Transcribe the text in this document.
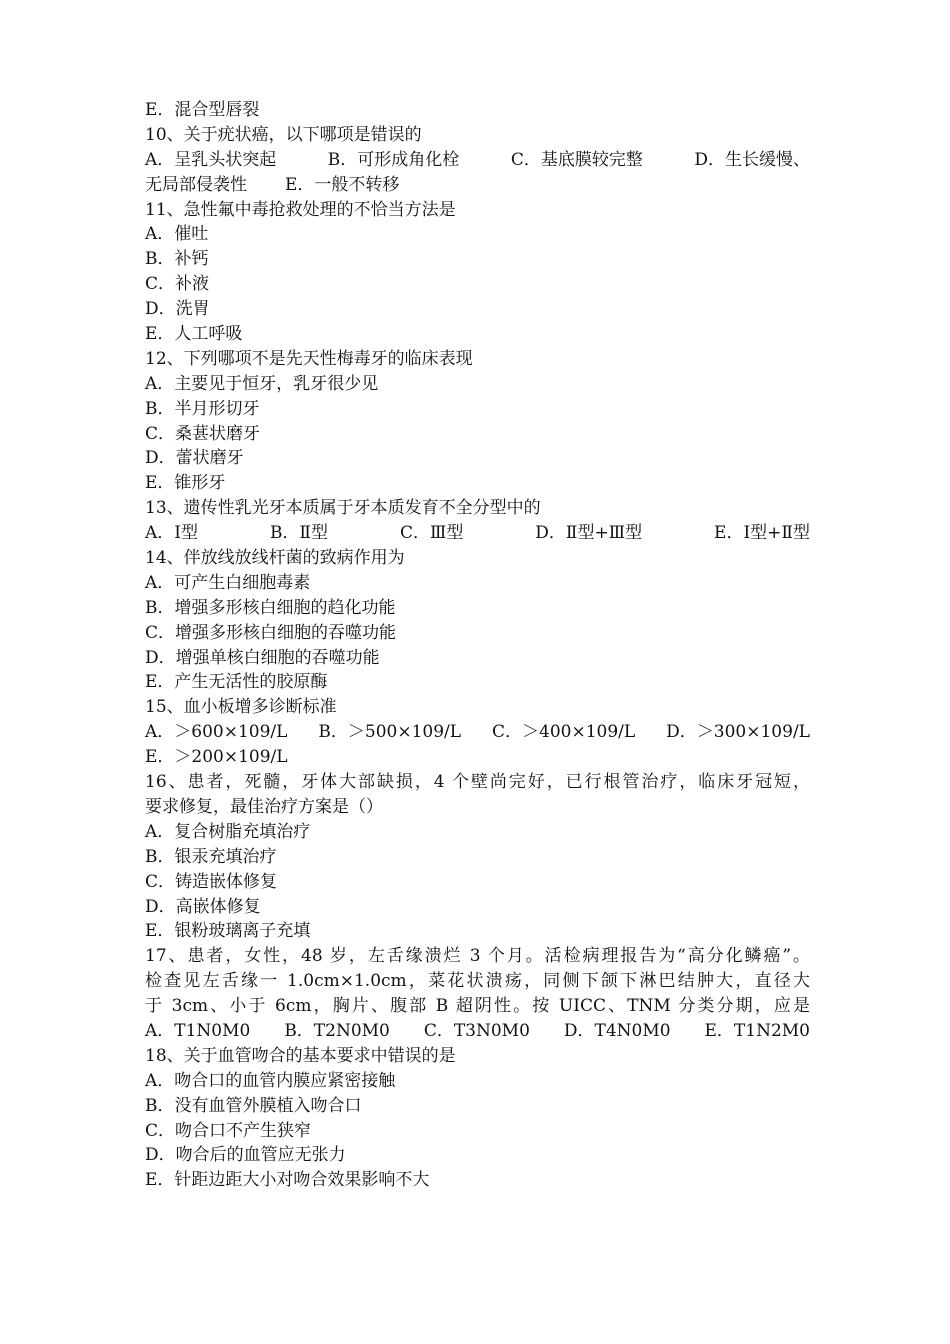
E．混合型唇裂
10、关于疣状癌，以下哪项是错误的
A．呈乳头状突起	B．可形成角化栓	C．基底膜较完整	D．生长缓慢、
无局部侵袭性 E．一般不转移
11、急性氟中毒抢救处理的不恰当方法是
A．催吐
B．补钙
C．补液
D．洗胃
E．人工呼吸
12、下列哪项不是先天性梅毒牙的临床表现
A．主要见于恒牙，乳牙很少见
B．半月形切牙
C．桑葚状磨牙
D．蕾状磨牙
E．锥形牙
13、遗传性乳光牙本质属于牙本质发育不全分型中的
A．Ⅰ型	B．Ⅱ型	C．Ⅲ型	D．Ⅱ型+Ⅲ型	E．Ⅰ型+Ⅱ型
14、伴放线放线杆菌的致病作用为
A．可产生白细胞毒素
B．增强多形核白细胞的趋化功能
C．增强多形核白细胞的吞噬功能
D．增强单核白细胞的吞噬功能
E．产生无活性的胶原酶
15、血小板增多诊断标准
A．＞600×109/L B．＞500×109/L C．＞400×109/L D．＞300×109/L
E．＞200×109/L
16、患者，死髓，牙体大部缺损，4 个壁尚完好，已行根管治疗，临床牙冠短，
要求修复，最佳治疗方案是（）
A．复合树脂充填治疗
B．银汞充填治疗
C．铸造嵌体修复
D．高嵌体修复
E．银粉玻璃离子充填
17、患者，女性，48 岁，左舌缘溃烂 3 个月。活检病理报告为“高分化鳞癌”。
检查见左舌缘一 1.0cm×1.0cm，菜花状溃疡，同侧下颌下淋巴结肿大，直径大
于 3cm、小于 6cm，胸片、腹部 B 超阴性。按 UICC、TNM 分类分期，应是
A．T1N0M0 B．T2N0M0 C．T3N0M0 D．T4N0M0 E．T1N2M0
18、关于血管吻合的基本要求中错误的是
A．吻合口的血管内膜应紧密接触
B．没有血管外膜植入吻合口
C．吻合口不产生狭窄
D．吻合后的血管应无张力
E．针距边距大小对吻合效果影响不大
